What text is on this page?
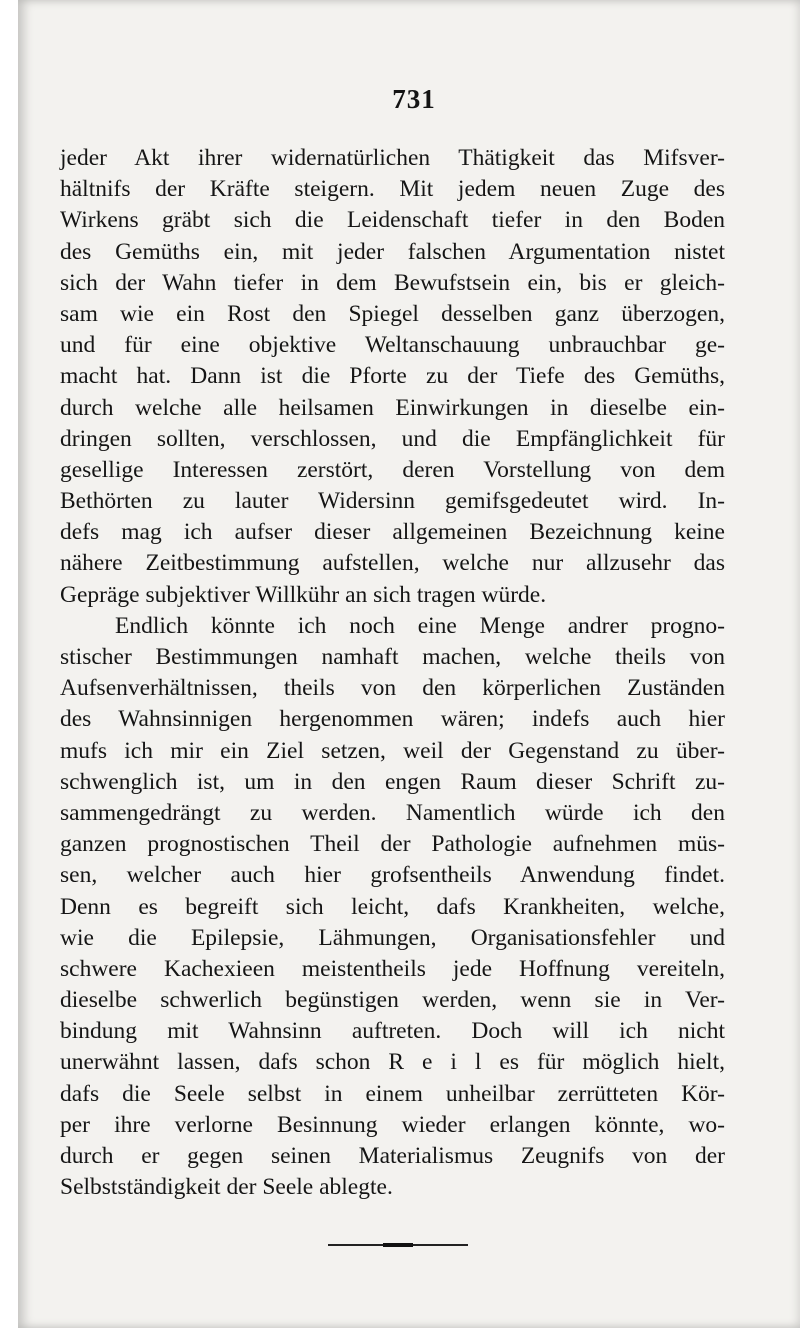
731
jeder Akt ihrer widernatürlichen Thätigkeit das Mifsver-
hältnifs der Kräfte steigern. Mit jedem neuen Zuge des
Wirkens gräbt sich die Leidenschaft tiefer in den Boden
des Gemüths ein, mit jeder falschen Argumentation nistet
sich der Wahn tiefer in dem Bewufstsein ein, bis er gleich-
sam wie ein Rost den Spiegel desselben ganz überzogen,
und für eine objektive Weltanschauung unbrauchbar ge-
macht hat. Dann ist die Pforte zu der Tiefe des Gemüths,
durch welche alle heilsamen Einwirkungen in dieselbe ein-
dringen sollten, verschlossen, und die Empfänglichkeit für
gesellige Interessen zerstört, deren Vorstellung von dem
Bethörten zu lauter Widersinn gemifsgedeutet wird. In-
defs mag ich aufser dieser allgemeinen Bezeichnung keine
nähere Zeitbestimmung aufstellen, welche nur allzusehr das
Gepräge subjektiver Willkühr an sich tragen würde.
Endlich könnte ich noch eine Menge andrer progno-
stischer Bestimmungen namhaft machen, welche theils von
Aufsenverhältnissen, theils von den körperlichen Zuständen
des Wahnsinnigen hergenommen wären; indefs auch hier
mufs ich mir ein Ziel setzen, weil der Gegenstand zu über-
schwenglich ist, um in den engen Raum dieser Schrift zu-
sammengedrängt zu werden. Namentlich würde ich den
ganzen prognostischen Theil der Pathologie aufnehmen müs-
sen, welcher auch hier grofsentheils Anwendung findet.
Denn es begreift sich leicht, dafs Krankheiten, welche,
wie die Epilepsie, Lähmungen, Organisationsfehler und
schwere Kachexieen meistentheils jede Hoffnung vereiteln,
dieselbe schwerlich begünstigen werden, wenn sie in Ver-
bindung mit Wahnsinn auftreten. Doch will ich nicht
unerwähnt lassen, dafs schon R e i l es für möglich hielt,
dafs die Seele selbst in einem unheilbar zerrütteten Kör-
per ihre verlorne Besinnung wieder erlangen könnte, wo-
durch er gegen seinen Materialismus Zeugnifs von der
Selbstständigkeit der Seele ablegte.
